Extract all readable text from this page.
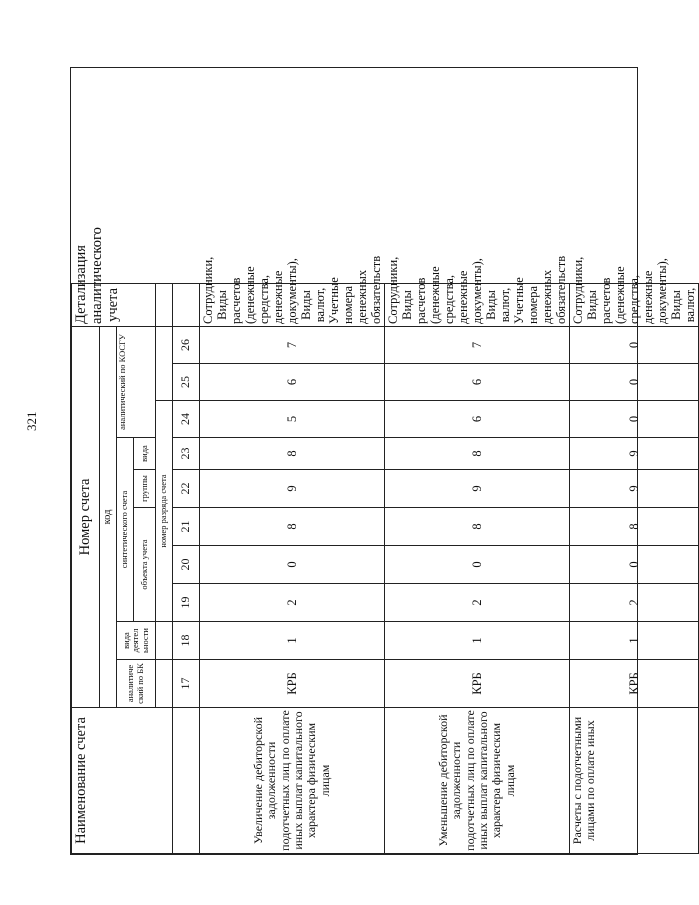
321
Наименование счета	Номер счета										Детализация аналитического учета
	код										
	аналитиче ский по БК	вида деятел ьности	синтетического счета					аналитический по КОСГУ			
			объекта учета			группы	вида				
			номер разряда счета								
	17	18	19	20	21	22	23	24	25	26	
Увеличение дебиторской задолженности подотчетных лиц по оплате иных выплат капитального характера физическим лицам	КРБ	1	2	0	8	9	8	5	6	7	Сотрудники, Виды расчетов (денежные средства, денежные документы), Виды валют, Учетные номера денежных обязательств
Уменьшение дебиторской задолженности подотчетных лиц по оплате иных выплат капитального характера физическим лицам	КРБ	1	2	0	8	9	8	6	6	7	Сотрудники, Виды расчетов (денежные средства, денежные документы), Виды валют, Учетные номера денежных обязательств
Расчеты с подотчетными лицами по оплате иных	КРБ	1	2	0	8	9	9	0	0	0	Сотрудники, Виды расчетов (денежные средства, денежные документы), Виды валют,
